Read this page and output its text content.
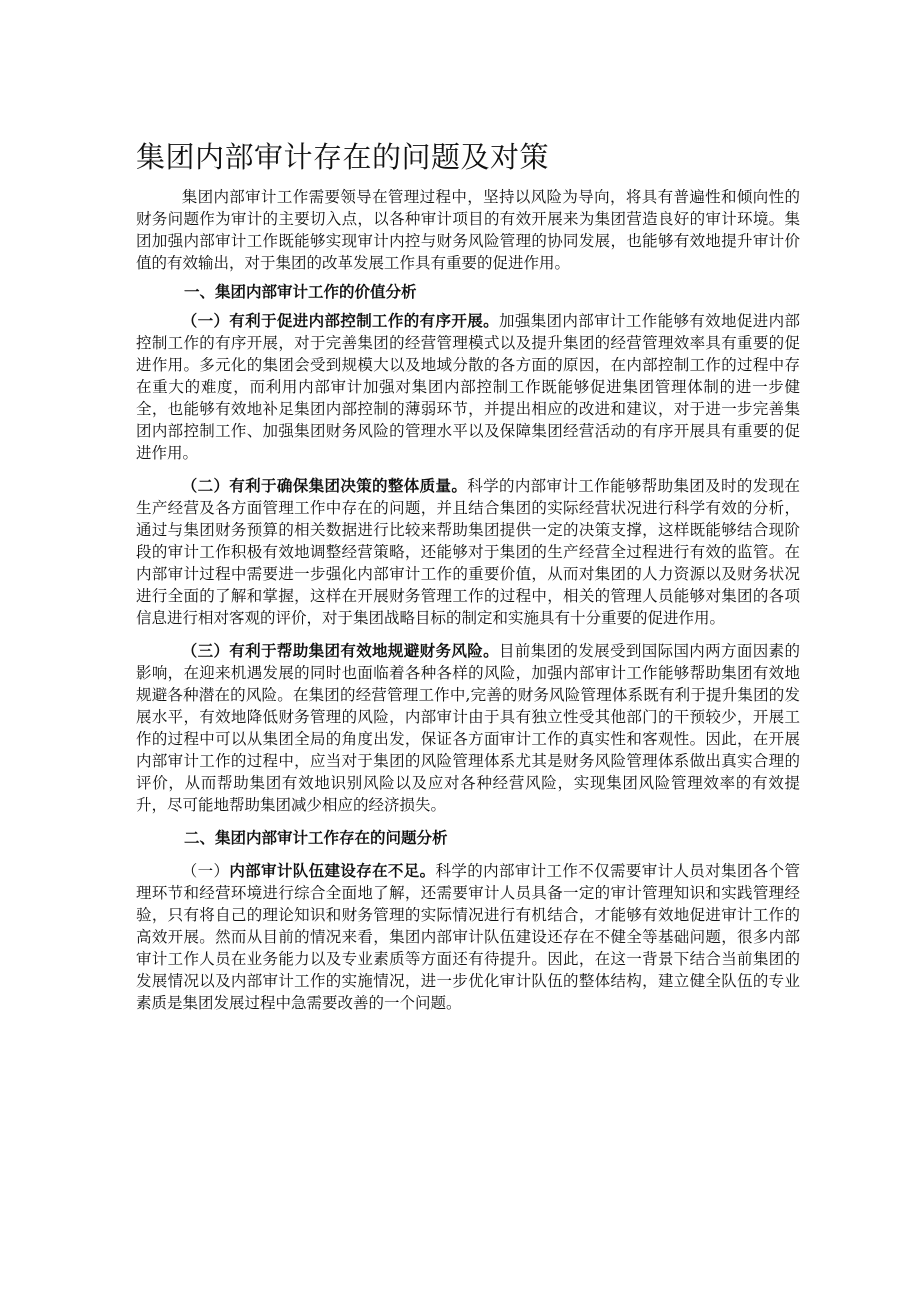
集团内部审计存在的问题及对策

集团内部审计工作需要领导在管理过程中，坚持以风险为导向，将具有普遍性和倾向性的财务问题作为审计的主要切入点，以各种审计项目的有效开展来为集团营造良好的审计环境。集团加强内部审计工作既能够实现审计内控与财务风险管理的协同发展，也能够有效地提升审计价值的有效输出，对于集团的改革发展工作具有重要的促进作用。

一、集团内部审计工作的价值分析

（一）有利于促进内部控制工作的有序开展。加强集团内部审计工作能够有效地促进内部控制工作的有序开展，对于完善集团的经营管理模式以及提升集团的经营管理效率具有重要的促进作用。多元化的集团会受到规模大以及地域分散的各方面的原因，在内部控制工作的过程中存在重大的难度，而利用内部审计加强对集团内部控制工作既能够促进集团管理体制的进一步健全，也能够有效地补足集团内部控制的薄弱环节，并提出相应的改进和建议，对于进一步完善集团内部控制工作、加强集团财务风险的管理水平以及保障集团经营活动的有序开展具有重要的促进作用。

（二）有利于确保集团决策的整体质量。科学的内部审计工作能够帮助集团及时的发现在生产经营及各方面管理工作中存在的问题，并且结合集团的实际经营状况进行科学有效的分析，通过与集团财务预算的相关数据进行比较来帮助集团提供一定的决策支撑，这样既能够结合现阶段的审计工作积极有效地调整经营策略，还能够对于集团的生产经营全过程进行有效的监管。在内部审计过程中需要进一步强化内部审计工作的重要价值，从而对集团的人力资源以及财务状况进行全面的了解和掌握，这样在开展财务管理工作的过程中，相关的管理人员能够对集团的各项信息进行相对客观的评价，对于集团战略目标的制定和实施具有十分重要的促进作用。

（三）有利于帮助集团有效地规避财务风险。目前集团的发展受到国际国内两方面因素的影响，在迎来机遇发展的同时也面临着各种各样的风险，加强内部审计工作能够帮助集团有效地规避各种潜在的风险。在集团的经营管理工作中,完善的财务风险管理体系既有利于提升集团的发展水平，有效地降低财务管理的风险，内部审计由于具有独立性受其他部门的干预较少，开展工作的过程中可以从集团全局的角度出发，保证各方面审计工作的真实性和客观性。因此，在开展内部审计工作的过程中，应当对于集团的风险管理体系尤其是财务风险管理体系做出真实合理的评价，从而帮助集团有效地识别风险以及应对各种经营风险，实现集团风险管理效率的有效提升，尽可能地帮助集团减少相应的经济损失。

二、集团内部审计工作存在的问题分析

（一）内部审计队伍建设存在不足。科学的内部审计工作不仅需要审计人员对集团各个管理环节和经营环境进行综合全面地了解，还需要审计人员具备一定的审计管理知识和实践管理经验，只有将自己的理论知识和财务管理的实际情况进行有机结合，才能够有效地促进审计工作的高效开展。然而从目前的情况来看，集团内部审计队伍建设还存在不健全等基础问题，很多内部审计工作人员在业务能力以及专业素质等方面还有待提升。因此，在这一背景下结合当前集团的发展情况以及内部审计工作的实施情况，进一步优化审计队伍的整体结构，建立健全队伍的专业素质是集团发展过程中急需要改善的一个问题。
